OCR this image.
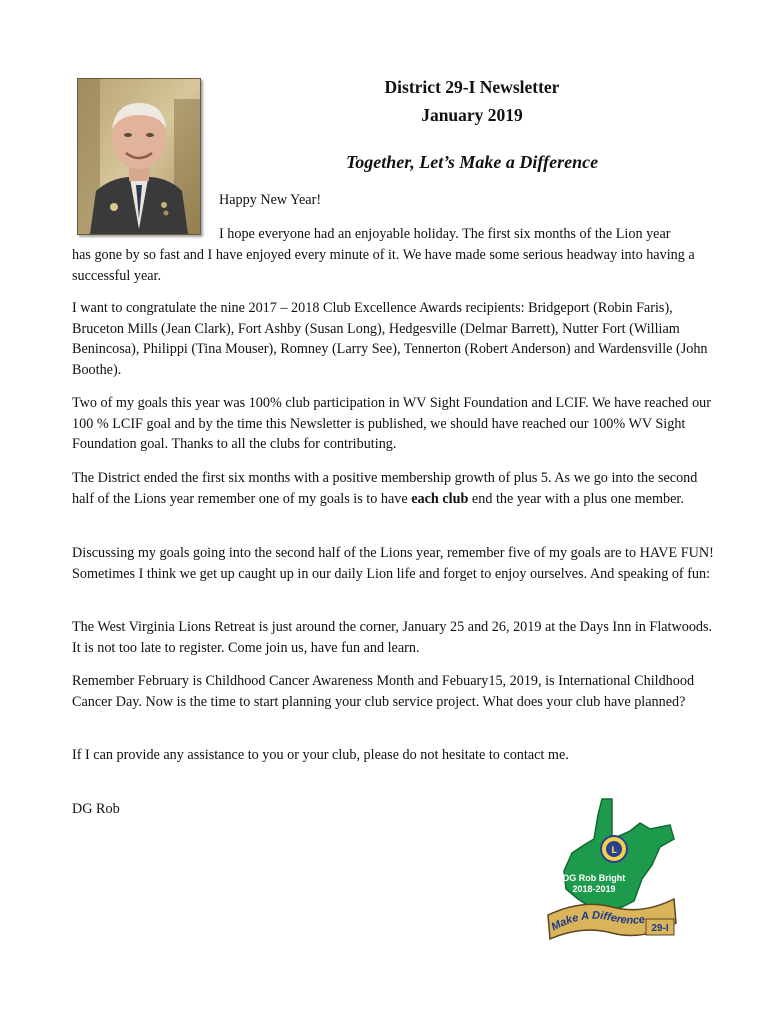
District 29-I Newsletter
January 2019
Together, Let’s Make a Difference

Happy New Year!

I hope everyone had an enjoyable holiday. The first six months of the Lion year

has gone by so fast and I have enjoyed every minute of it. We have made some serious headway into having a successful year.

I want to congratulate the nine 2017 – 2018 Club Excellence Awards recipients: Bridgeport (Robin Faris), Bruceton Mills (Jean Clark), Fort Ashby (Susan Long), Hedgesville (Delmar Barrett), Nutter Fort (William Benincosa), Philippi (Tina Mouser), Romney (Larry See), Tennerton (Robert Anderson) and Wardensville (John Boothe).

Two of my goals this year was 100% club participation in WV Sight Foundation and LCIF. We have reached our 100 % LCIF goal and by the time this Newsletter is published, we should have reached our 100% WV Sight Foundation goal. Thanks to all the clubs for contributing.

The District ended the first six months with a positive membership growth of plus 5. As we go into the second half of the Lions year remember one of my goals is to have each club end the year with a plus one member.

Discussing my goals going into the second half of the Lions year, remember five of my goals are to HAVE FUN! Sometimes I think we get up caught up in our daily Lion life and forget to enjoy ourselves. And speaking of fun:

The West Virginia Lions Retreat is just around the corner, January 25 and 26, 2019 at the Days Inn in Flatwoods. It is not too late to register. Come join us, have fun and learn.

Remember February is Childhood Cancer Awareness Month and Febuary15, 2019, is International Childhood Cancer Day. Now is the time to start planning your club service project. What does your club have planned?

If I can provide any assistance to you or your club, please do not hesitate to contact me.

DG Rob

L
DG Rob Bright
2018-2019
Make A Difference
29-I
